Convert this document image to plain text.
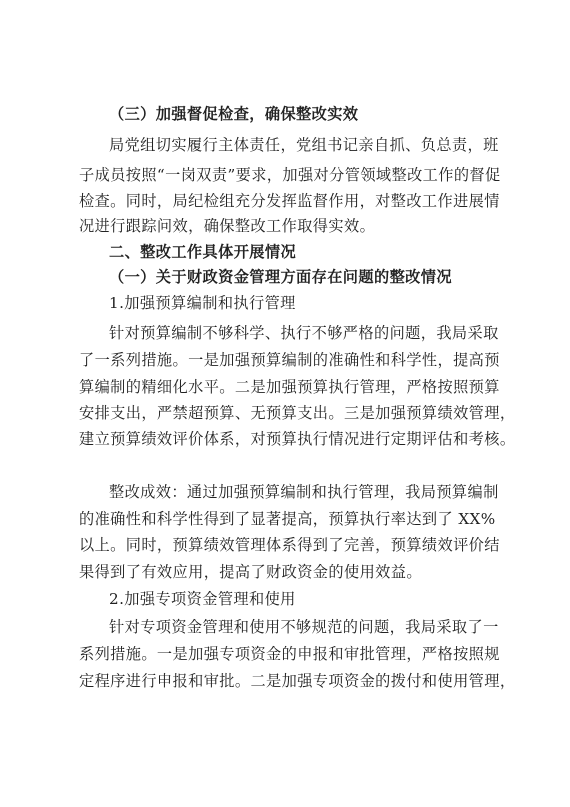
（三）加强督促检查，确保整改实效
局党组切实履行主体责任，党组书记亲自抓、负总责，班
子成员按照“一岗双责”要求，加强对分管领域整改工作的督促
检查。同时，局纪检组充分发挥监督作用，对整改工作进展情
况进行跟踪问效，确保整改工作取得实效。
二、整改工作具体开展情况
（一）关于财政资金管理方面存在问题的整改情况
1.加强预算编制和执行管理
针对预算编制不够科学、执行不够严格的问题，我局采取
了一系列措施。一是加强预算编制的准确性和科学性，提高预
算编制的精细化水平。二是加强预算执行管理，严格按照预算
安排支出，严禁超预算、无预算支出。三是加强预算绩效管理，
建立预算绩效评价体系，对预算执行情况进行定期评估和考核。
整改成效：通过加强预算编制和执行管理，我局预算编制
的准确性和科学性得到了显著提高，预算执行率达到了 XX%
以上。同时，预算绩效管理体系得到了完善，预算绩效评价结
果得到了有效应用，提高了财政资金的使用效益。
2.加强专项资金管理和使用
针对专项资金管理和使用不够规范的问题，我局采取了一
系列措施。一是加强专项资金的申报和审批管理，严格按照规
定程序进行申报和审批。二是加强专项资金的拨付和使用管理，
